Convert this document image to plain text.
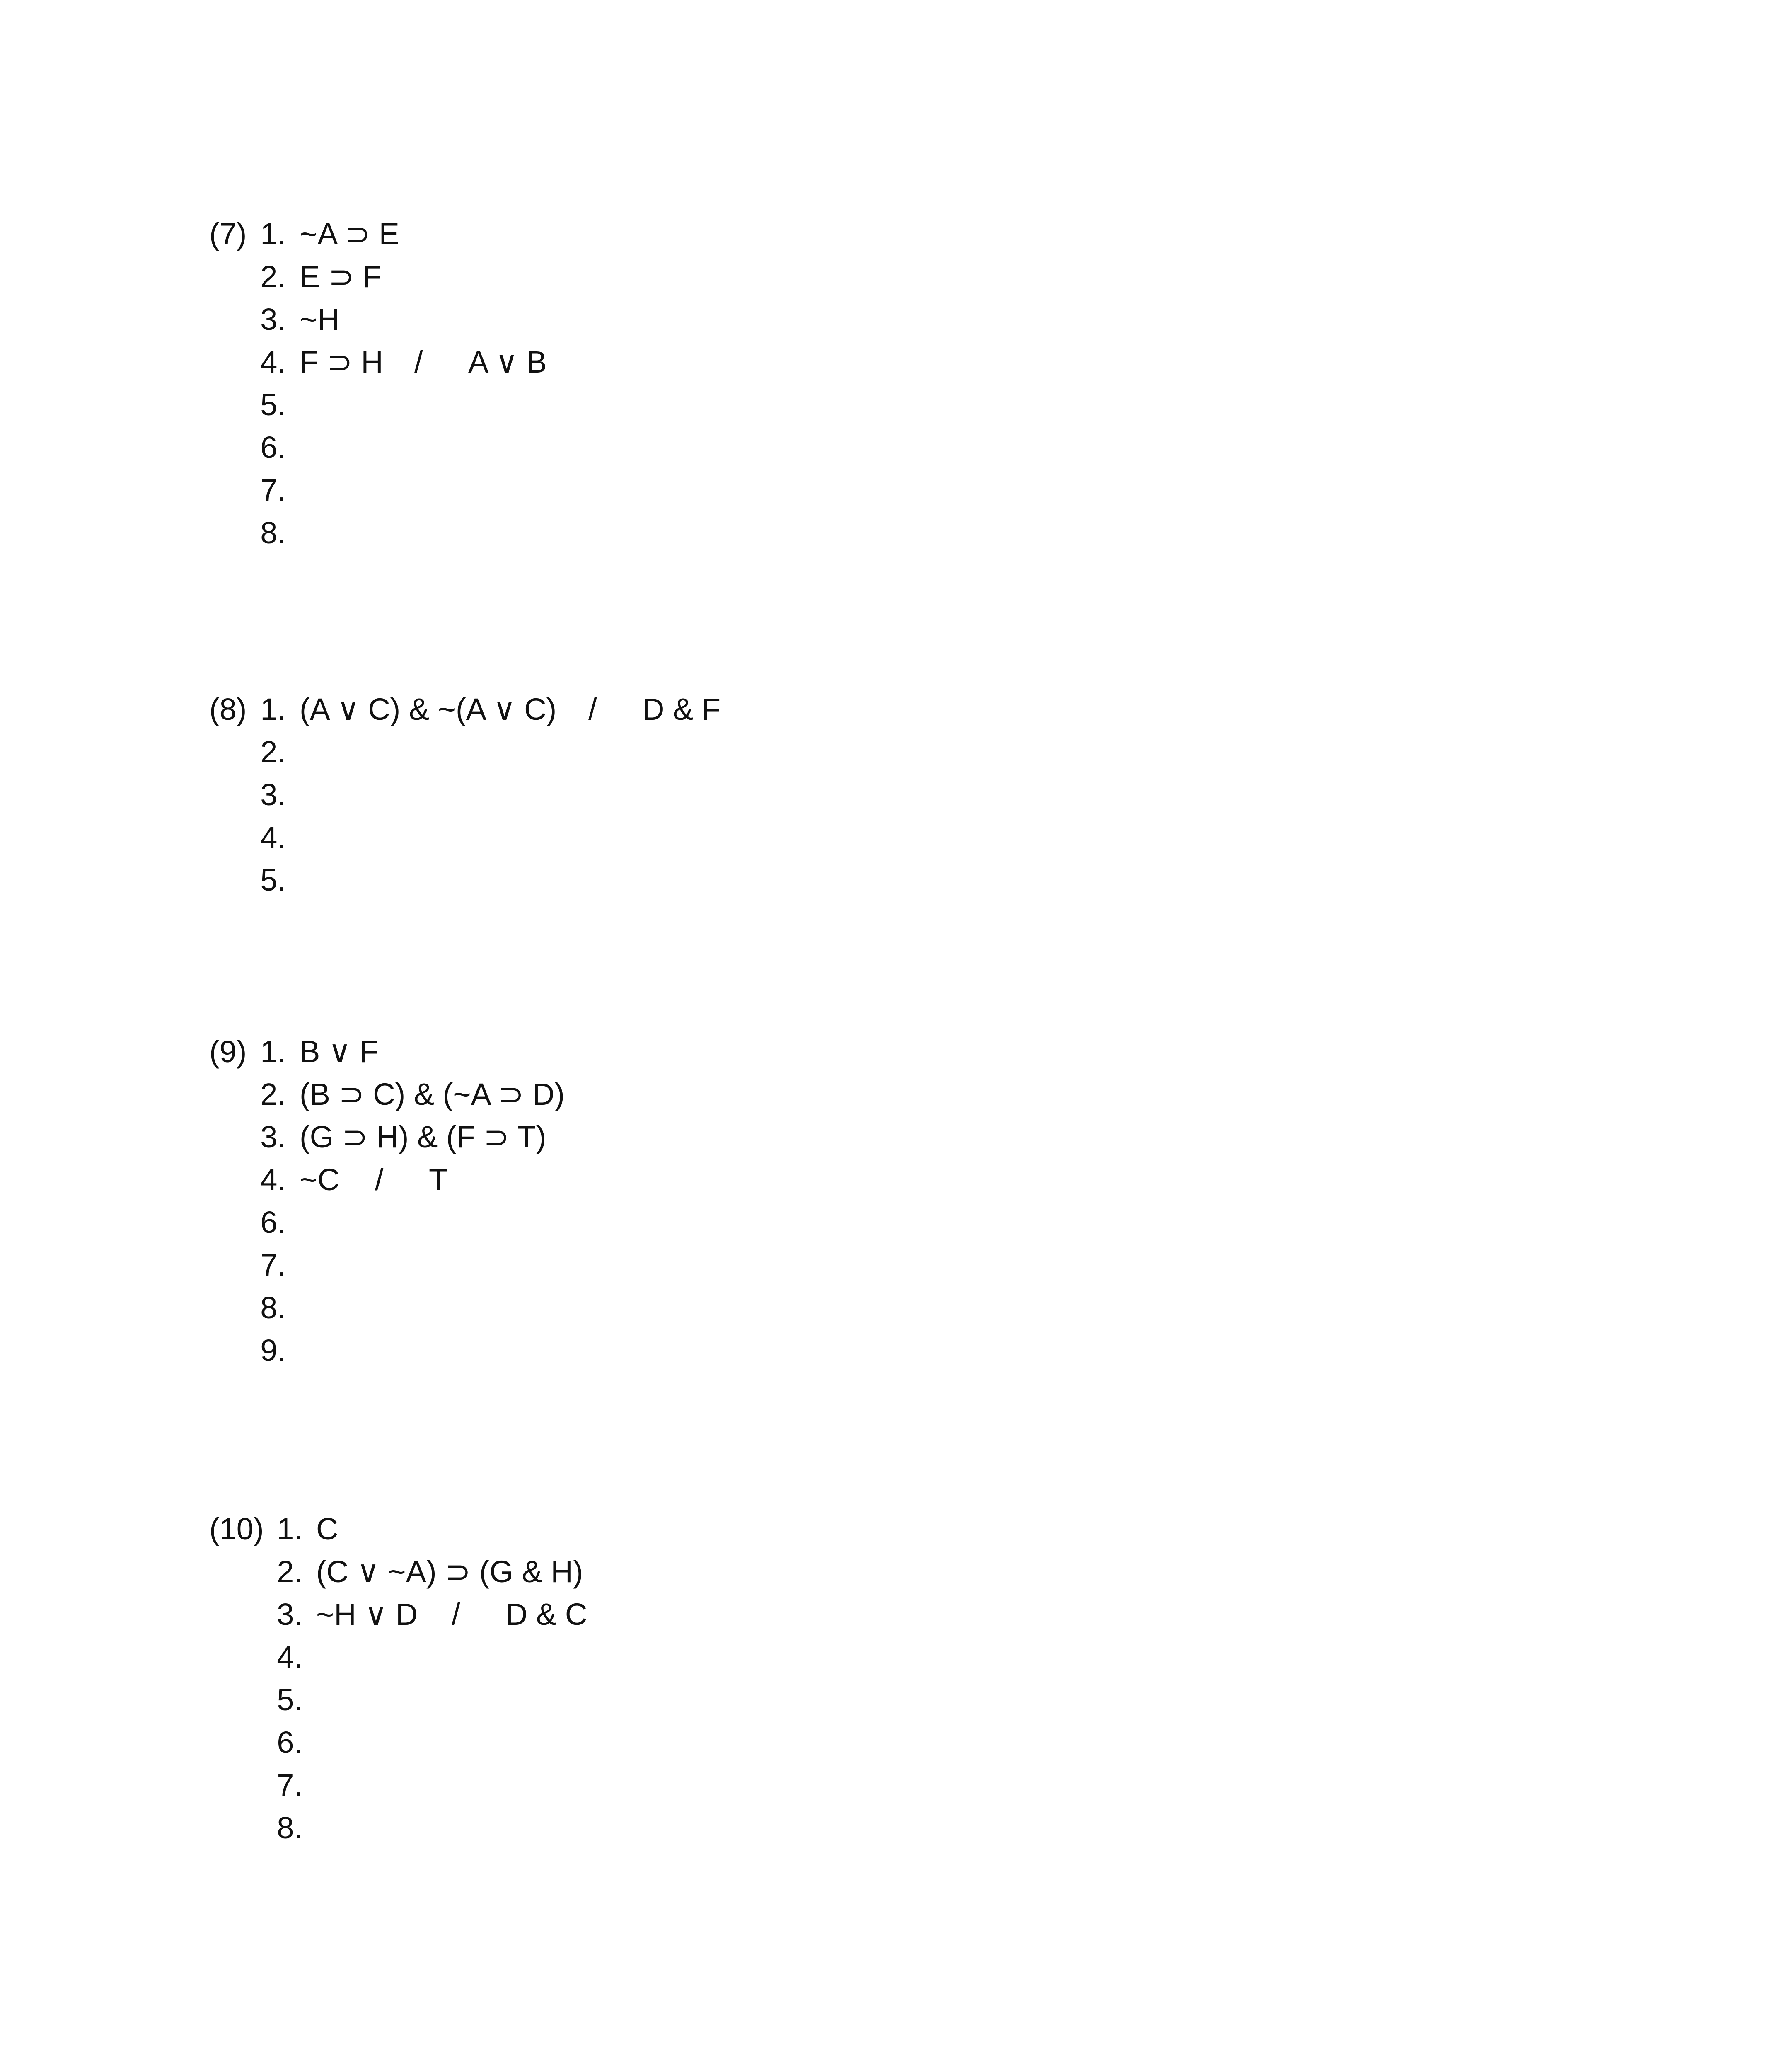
(7)

1.

~A ⊃ E

2.

E ⊃ F

3.

~H

4.

F ⊃ H

/

A ∨ B

5.

6.

7.

8.

(8)

1.

(A ∨ C) & ~(A ∨ C)

/

D & F

2.

3.

4.

5.

(9)

1.

B ∨ F

2.

(B ⊃ C) & (~A ⊃ D)

3.

(G ⊃ H) & (F ⊃ T)

4.

~C

/

T

6.

7.

8.

9.

(10)

1.

C

2.

(C ∨ ~A) ⊃ (G & H)

3.

~H ∨ D

/

D & C

4.

5.

6.

7.

8.
